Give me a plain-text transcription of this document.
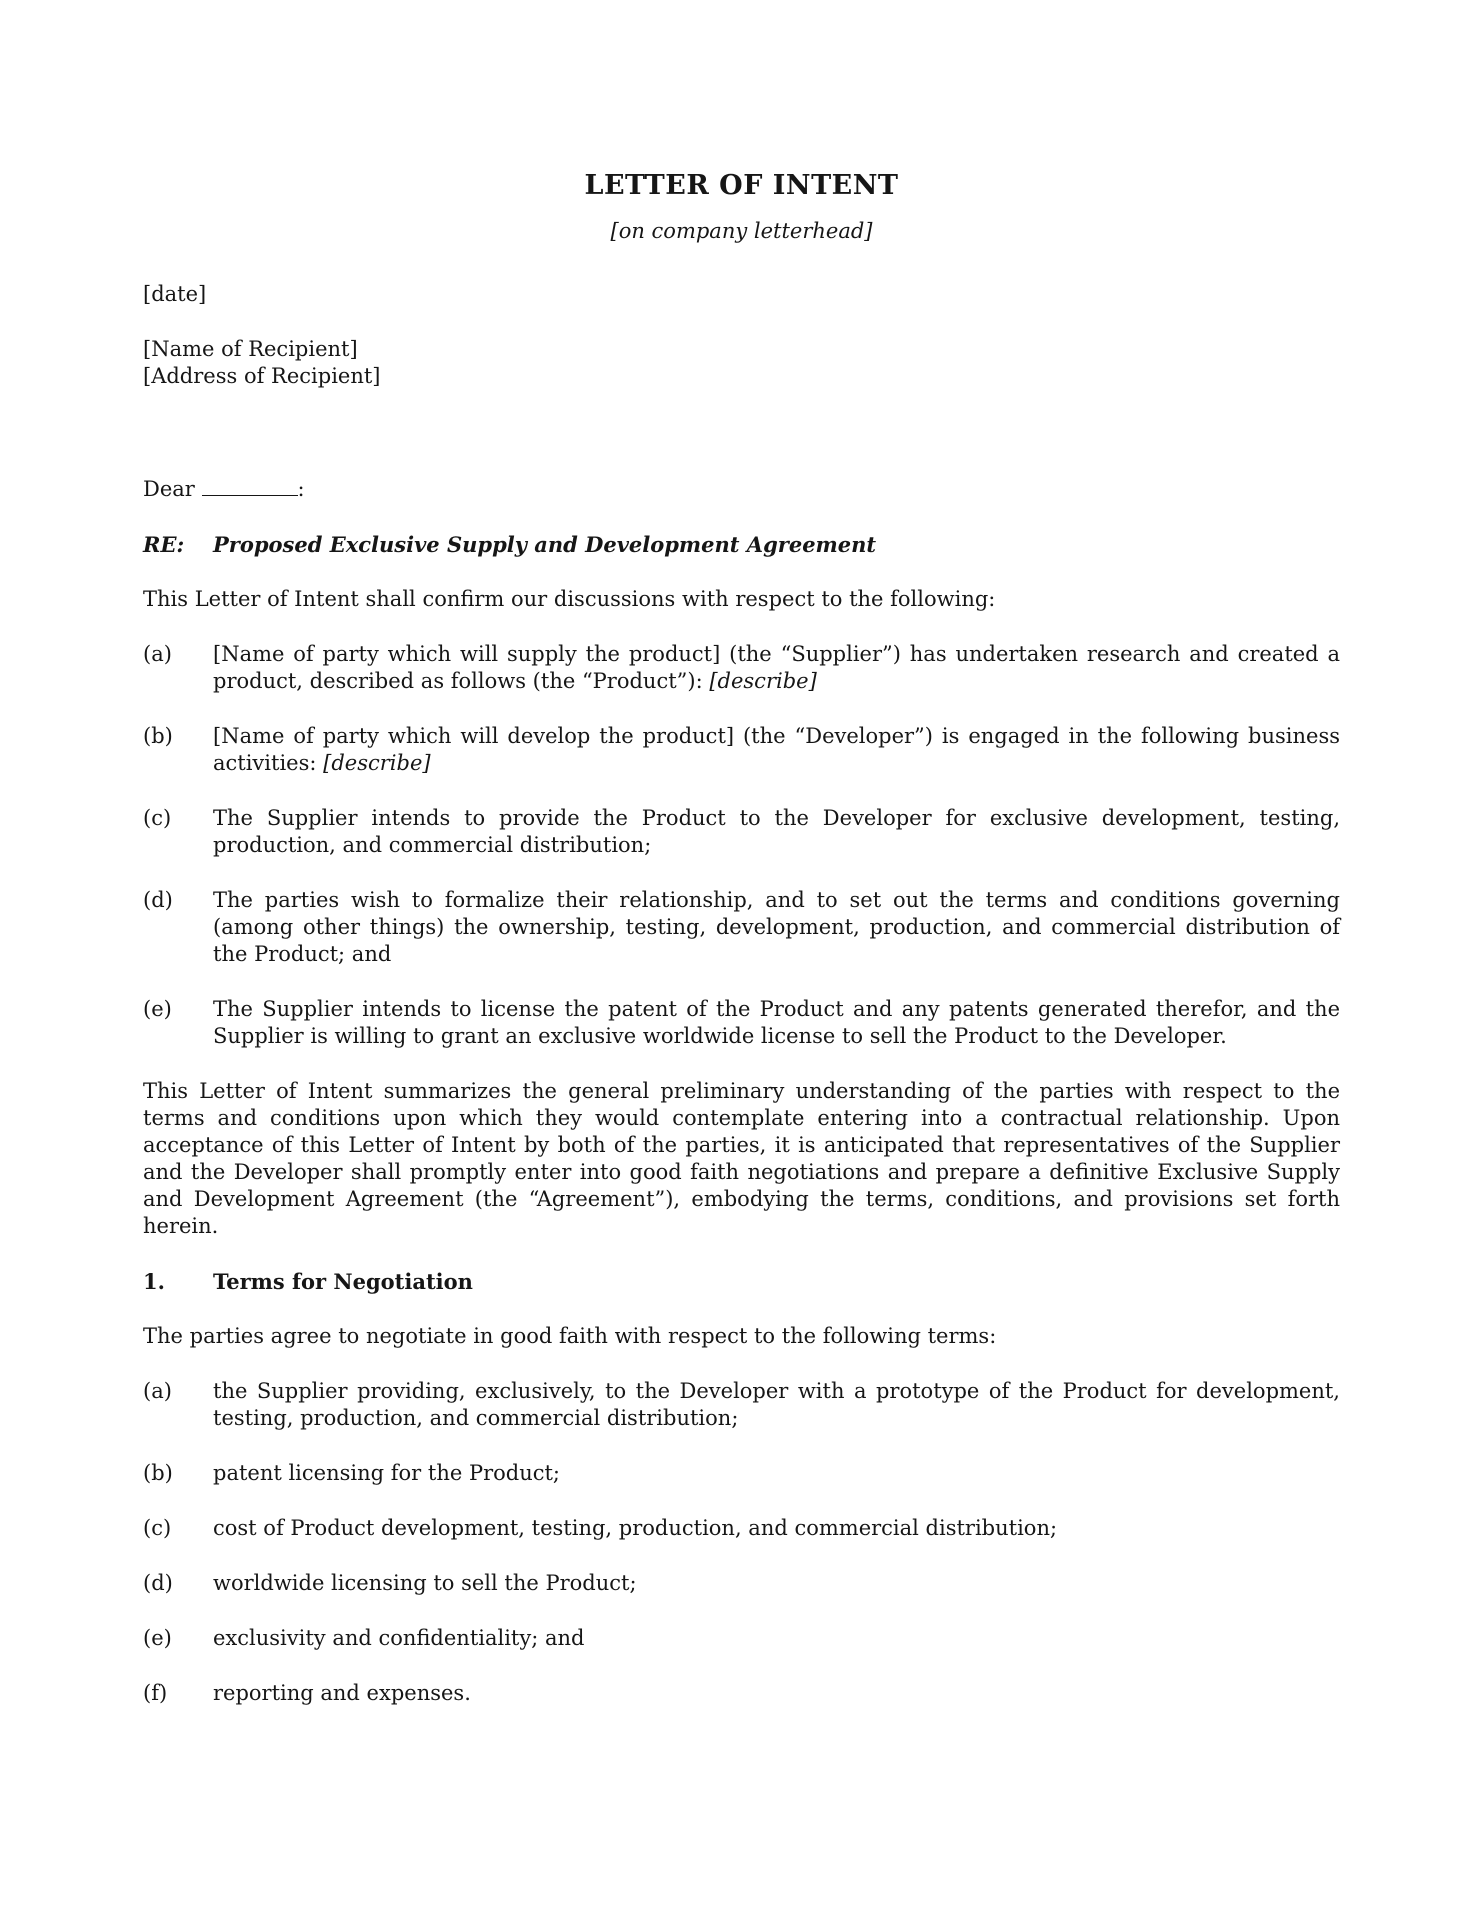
LETTER OF INTENT
[on company letterhead]

[date]

[Name of Recipient]

[Address of Recipient]

Dear	:

RE:	Proposed Exclusive Supply and Development Agreement

This Letter of Intent shall confirm our discussions with respect to the following:

(a)	[Name of party which will supply the product] (the “Supplier”) has undertaken research and created a product, described as follows (the “Product”): [describe]
(b)	[Name of party which will develop the product] (the “Developer”) is engaged in the following business activities: [describe]
(c)	The Supplier intends to provide the Product to the Developer for exclusive development, testing, production, and commercial distribution;
(d)	The parties wish to formalize their relationship, and to set out the terms and conditions governing (among other things) the ownership, testing, development, production, and commercial distribution of the Product; and
(e)	The Supplier intends to license the patent of the Product and any patents generated therefor, and the Supplier is willing to grant an exclusive worldwide license to sell the Product to the Developer.

This Letter of Intent summarizes the general preliminary understanding of the parties with respect to the terms and conditions upon which they would contemplate entering into a contractual relationship. Upon acceptance of this Letter of Intent by both of the parties, it is anticipated that representatives of the Supplier and the Developer shall promptly enter into good faith negotiations and prepare a definitive Exclusive Supply and Development Agreement (the “Agreement”), embodying the terms, conditions, and provisions set forth herein.

1.	Terms for Negotiation

The parties agree to negotiate in good faith with respect to the following terms:

(a)	the Supplier providing, exclusively, to the Developer with a prototype of the Product for development, testing, production, and commercial distribution;
(b)	patent licensing for the Product;
(c)	cost of Product development, testing, production, and commercial distribution;
(d)	worldwide licensing to sell the Product;
(e)	exclusivity and confidentiality; and
(f)	reporting and expenses.
